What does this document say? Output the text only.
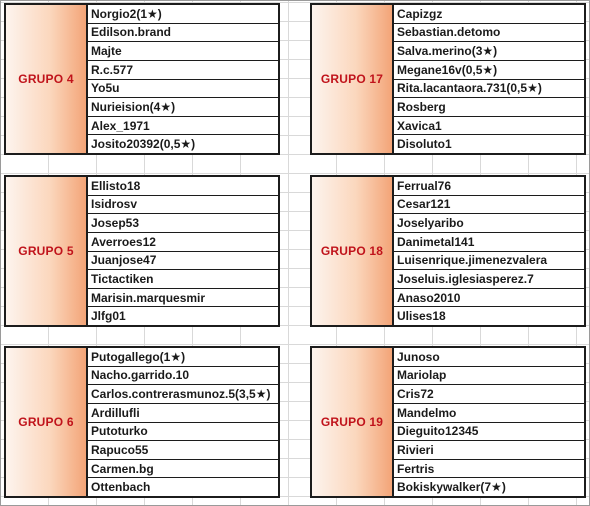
GRUPO 4
Norgio2(1★)
Edilson.brand
Majte
R.c.577
Yo5u
Nurieision(4★)
Alex_1971
Josito20392(0,5★)
GRUPO 17
Capizgz
Sebastian.detomo
Salva.merino(3★)
Megane16v(0,5★)
Rita.lacantaora.731(0,5★)
Rosberg
Xavica1
Disoluto1
GRUPO 5
Ellisto18
Isidrosv
Josep53
Averroes12
Juanjose47
Tictactiken
Marisin.marquesmir
Jlfg01
GRUPO 18
Ferrual76
Cesar121
Joselyaribo
Danimetal141
Luisenrique.jimenezvalera
Joseluis.iglesiasperez.7
Anaso2010
Ulises18
GRUPO 6
Putogallego(1★)
Nacho.garrido.10
Carlos.contrerasmunoz.5(3,5★)
Ardillufli
Putoturko
Rapuco55
Carmen.bg
Ottenbach
GRUPO 19
Junoso
Mariolap
Cris72
Mandelmo
Dieguito12345
Rivieri
Fertris
Bokiskywalker(7★)
